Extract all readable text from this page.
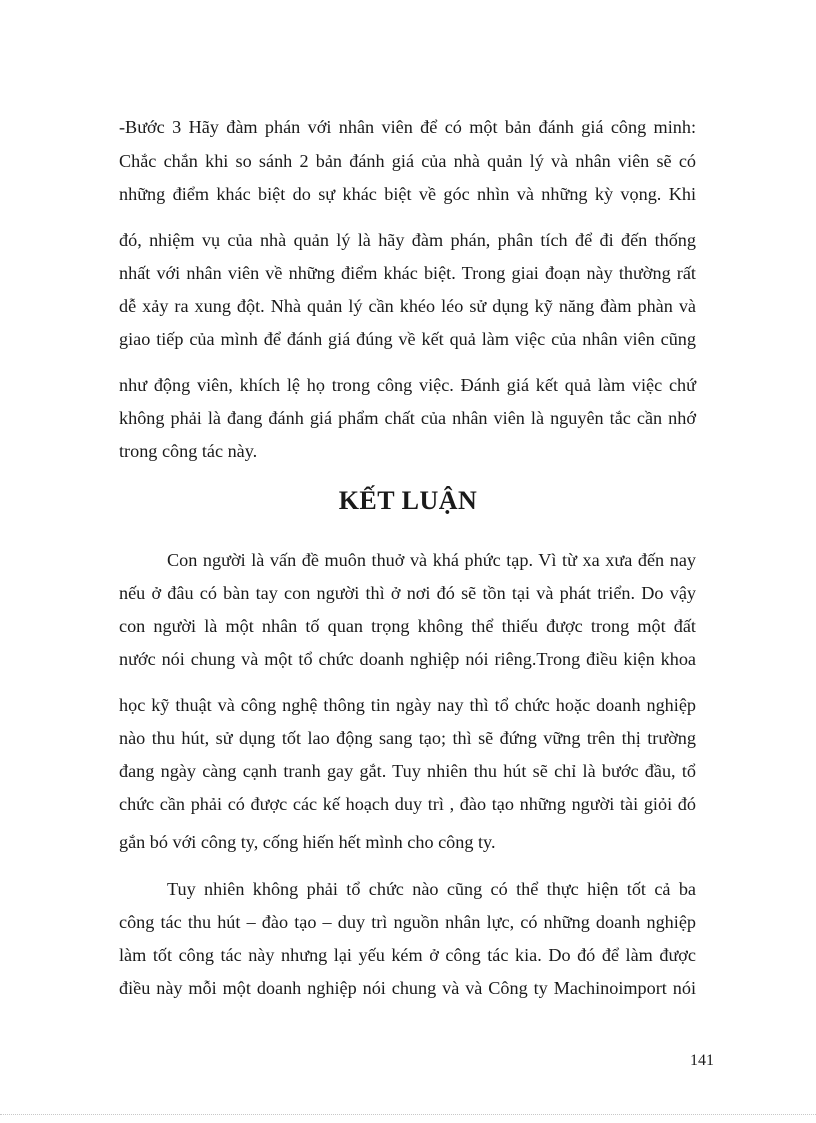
-Bước 3 Hãy đàm phán với nhân viên để có một bản đánh giá công minh:
Chắc chắn khi so sánh 2 bản đánh giá của nhà quản lý và nhân viên sẽ có
những điểm khác biệt do sự khác biệt về góc nhìn và những kỳ vọng. Khi
đó, nhiệm vụ của nhà quản lý là hãy đàm phán, phân tích để đi đến thống
nhất với nhân viên về những điểm khác biệt. Trong giai đoạn này thường rất
dễ xảy ra xung đột. Nhà quản lý cần khéo léo sử dụng kỹ năng đàm phàn và
giao tiếp của mình để đánh giá đúng về kết quả làm việc của nhân viên cũng
như động viên, khích lệ họ trong công việc. Đánh giá kết quả làm việc chứ
không phải là đang đánh giá phẩm chất của nhân viên là nguyên tắc cần nhớ
trong công tác này.
KẾT LUẬN
Con người là vấn đề muôn thuở và khá phức tạp. Vì từ xa xưa đến nay
nếu ở đâu có bàn tay con người thì ở nơi đó sẽ tồn tại và phát triển. Do vậy
con người là một nhân tố quan trọng không thể thiếu được trong một đất
nước nói chung và một tổ chức doanh nghiệp nói riêng.Trong điều kiện khoa
học kỹ thuật và công nghệ thông tin ngày nay thì tổ chức hoặc doanh nghiệp
nào thu hút, sử dụng tốt lao động sang tạo; thì sẽ đứng vững trên thị trường
đang ngày càng cạnh tranh gay gắt. Tuy nhiên thu hút sẽ chỉ là bước đầu, tổ
chức cần phải có được các kế hoạch duy trì , đào tạo những người tài giỏi đó
gắn bó với công ty, cống hiến hết mình cho công ty.
Tuy nhiên không phải tổ chức nào cũng có thể thực hiện tốt cả ba
công tác thu hút – đào tạo – duy trì nguồn nhân lực, có những doanh nghiệp
làm tốt công tác này nhưng lại yếu kém ở công tác kia. Do đó để làm được
điều này mỗi một doanh nghiệp nói chung và và Công ty Machinoimport nói
141
